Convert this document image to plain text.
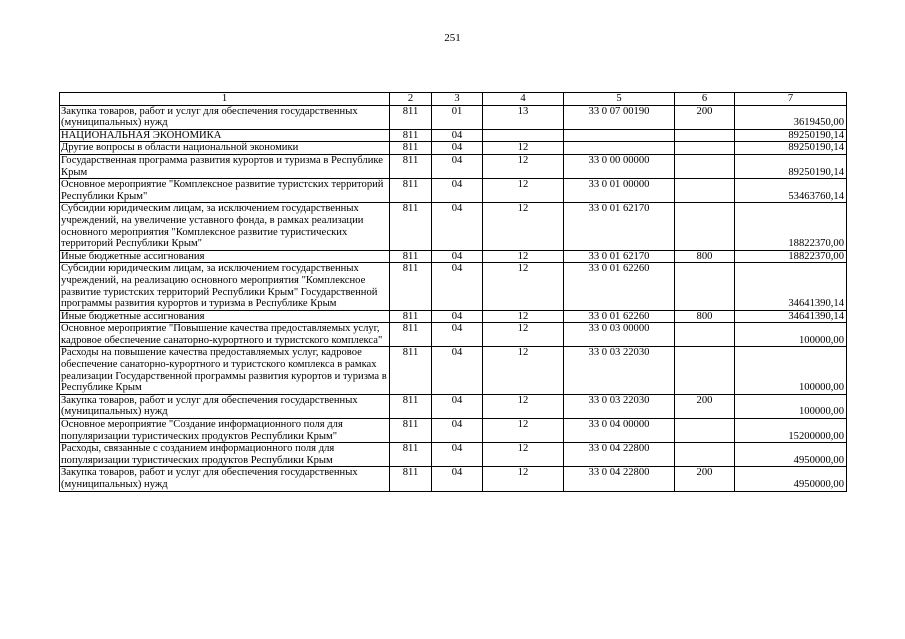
251
1	2	3	4	5	6	7
Закупка товаров, работ и услуг для обеспечения государственных (муниципальных) нужд	811	01	13	33 0 07 00190	200	3619450,00
НАЦИОНАЛЬНАЯ ЭКОНОМИКА	811	04				89250190,14
Другие вопросы в области национальной экономики	811	04	12			89250190,14
Государственная программа развития курортов и туризма в Республике Крым	811	04	12	33 0 00 00000		89250190,14
Основное мероприятие "Комплексное развитие туристских территорий Республики Крым"	811	04	12	33 0 01 00000		53463760,14
Субсидии юридическим лицам, за исключением государственных учреждений, на увеличение уставного фонда, в рамках реализации основного мероприятия "Комплексное развитие туристических территорий Республики Крым"	811	04	12	33 0 01 62170		18822370,00
Иные бюджетные ассигнования	811	04	12	33 0 01 62170	800	18822370,00
Субсидии юридическим лицам, за исключением государственных учреждений, на реализацию основного мероприятия "Комплексное развитие туристских территорий Республики Крым" Государственной программы развития курортов и туризма в Республике Крым	811	04	12	33 0 01 62260		34641390,14
Иные бюджетные ассигнования	811	04	12	33 0 01 62260	800	34641390,14
Основное мероприятие "Повышение качества предоставляемых услуг, кадровое обеспечение санаторно-курортного и туристского комплекса"	811	04	12	33 0 03 00000		100000,00
Расходы на повышение качества предоставляемых услуг, кадровое обеспечение санаторно-курортного и туристского комплекса в рамках реализации Государственной программы развития курортов и туризма в Республике Крым	811	04	12	33 0 03 22030		100000,00
Закупка товаров, работ и услуг для обеспечения государственных (муниципальных) нужд	811	04	12	33 0 03 22030	200	100000,00
Основное мероприятие "Создание информационного поля для популяризации туристических продуктов Республики Крым"	811	04	12	33 0 04 00000		15200000,00
Расходы, связанные с созданием информационного поля для популяризации туристических продуктов Республики Крым	811	04	12	33 0 04 22800		4950000,00
Закупка товаров, работ и услуг для обеспечения государственных (муниципальных) нужд	811	04	12	33 0 04 22800	200	4950000,00
